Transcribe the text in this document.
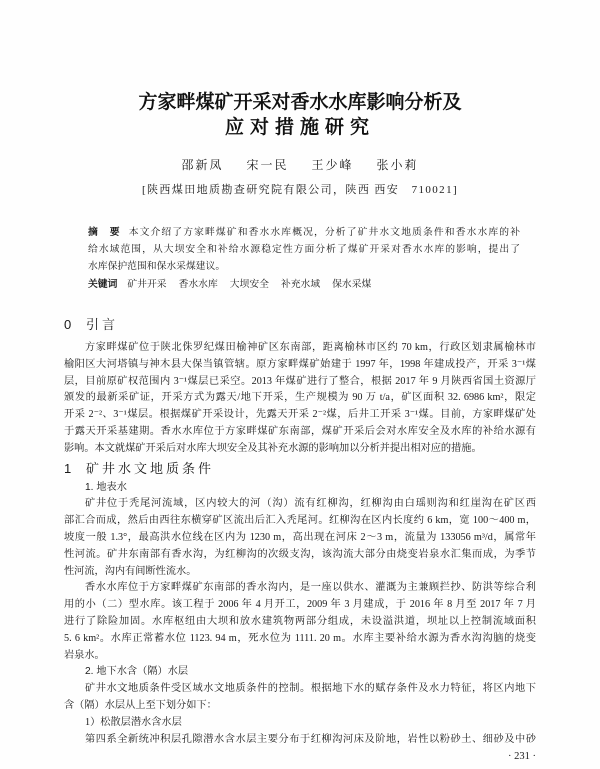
方家畔煤矿开采对香水水库影响分析及
应对措施研究
邵新凤 宋一民 王少峰 张小莉
[陕西煤田地质勘查研究院有限公司，陕西 西安　710021]
摘　要 本文介绍了方家畔煤矿和香水水库概况，分析了矿井水文地质条件和香水水库的补
给水域范围，从大坝安全和补给水源稳定性方面分析了煤矿开采对香水水库的影响，提出了
水库保护范围和保水采煤建议。
关键词 矿井开采 香水水库 大坝安全 补充水域 保水采煤
0 引言
方家畔煤矿位于陕北侏罗纪煤田榆神矿区东南部，距离榆林市区约 70 km，行政区划隶属榆林市
榆阳区大河塔镇与神木县大保当镇管辖。原方家畔煤矿始建于 1997 年，1998 年建成投产，开采 3⁻¹煤
层，目前原矿权范围内 3⁻¹煤层已采空。2013 年煤矿进行了整合，根据 2017 年 9 月陕西省国土资源厅
颁发的最新采矿证，开采方式为露天/地下开采，生产规模为 90 万 t/a，矿区面积 32. 6986 km²，限定
开采 2⁻²、3⁻¹煤层。根据煤矿开采设计，先露天开采 2⁻²煤，后井工开采 3⁻¹煤。目前，方家畔煤矿处
于露天开采基建期。香水水库位于方家畔煤矿东南部，煤矿开采后会对水库安全及水库的补给水源有
影响。本文就煤矿开采后对水库大坝安全及其补充水源的影响加以分析并提出相对应的措施。
1 矿井水文地质条件
1. 地表水
矿井位于秃尾河流域，区内较大的河（沟）流有红柳沟，红柳沟由白瑶则沟和红崖沟在矿区西
部汇合而成，然后由西往东横穿矿区流出后汇入秃尾河。红柳沟在区内长度约 6 km，宽 100～400 m，
坡度一般 1.3°，最高洪水位线在区内为 1230 m，高出现在河床 2～3 m，流量为 133056 m³/d，属常年
性河流。矿井东南部有香水沟，为红柳沟的次级支沟，该沟流大部分由烧变岩泉水汇集而成，为季节
性河流，沟内有间断性流水。
香水水库位于方家畔煤矿东南部的香水沟内，是一座以供水、灌溉为主兼顾拦抄、防洪等综合利
用的小（二）型水库。该工程于 2006 年 4 月开工，2009 年 3 月建成，于 2016 年 8 月至 2017 年 7 月
进行了除险加固。水库枢纽由大坝和放水建筑物两部分组成，未设溢洪道，坝址以上控制流域面积
5. 6 km²。水库正常蓄水位 1123. 94 m，死水位为 1111. 20 m。水库主要补给水源为香水沟沟脑的烧变
岩泉水。
2. 地下水含（隔）水层
矿井水文地质条件受区域水文地质条件的控制。根据地下水的赋存条件及水力特征，将区内地下
含（隔）水层从上至下划分如下：
1）松散层潜水含水层
第四系全新统冲积层孔隙潜水含水层主要分布于红柳沟河床及阶地，岩性以粉砂土、细砂及中砂
· 231 ·
